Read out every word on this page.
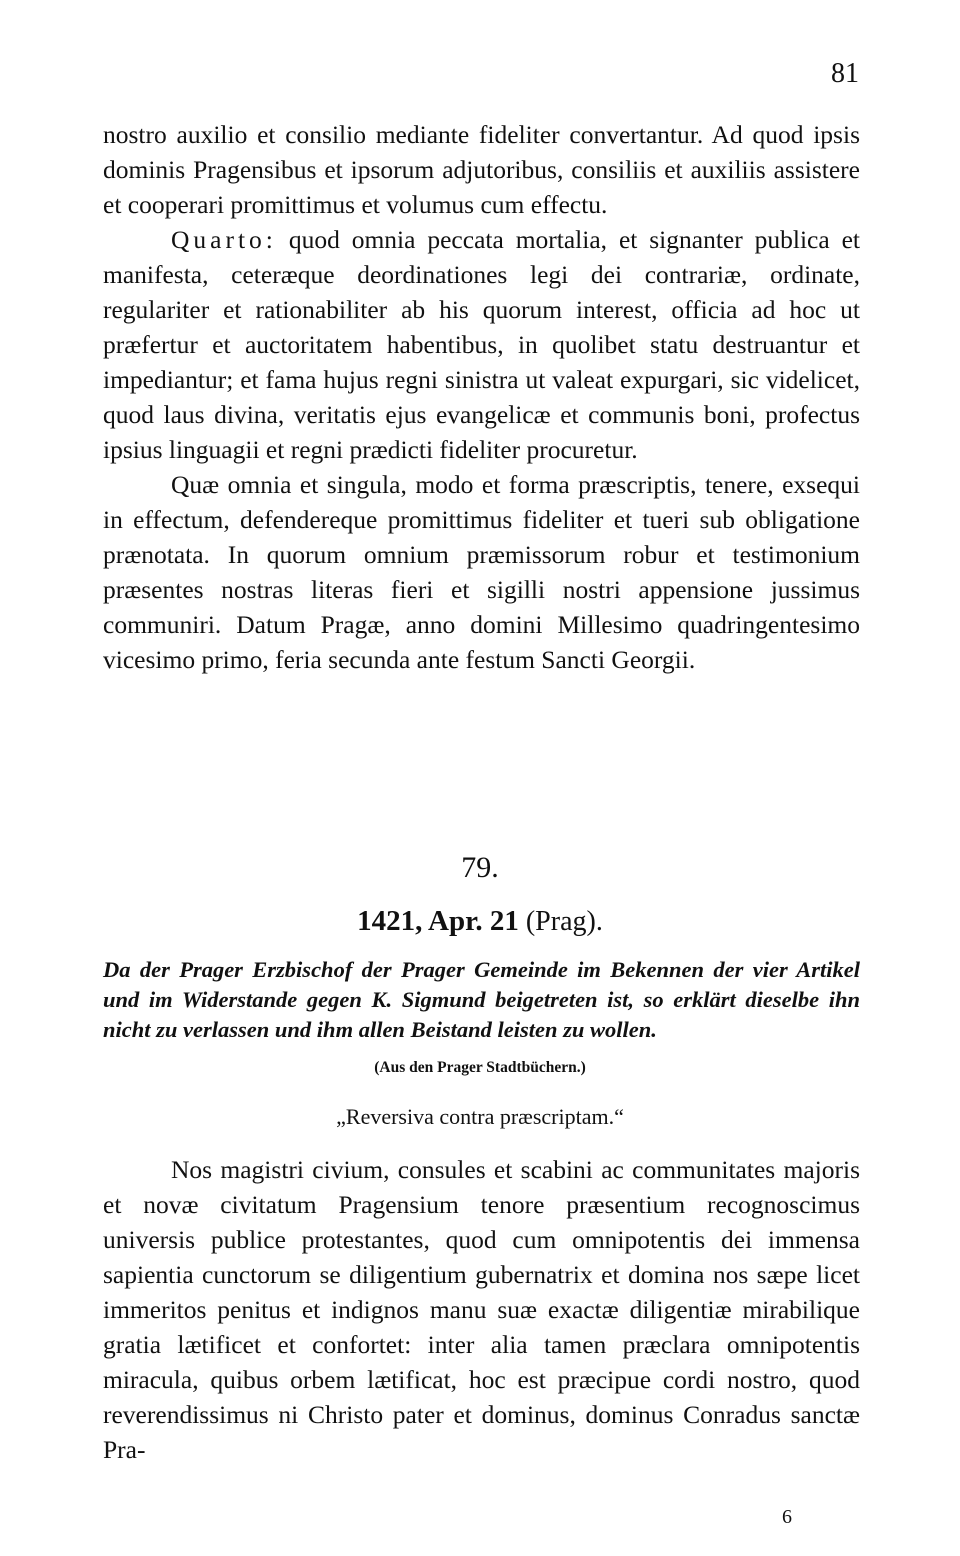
81

nostro auxilio et consilio mediante fideliter convertantur. Ad quod ipsis dominis Pragensibus et ipsorum adjutoribus, consiliis et auxiliis assistere et cooperari promittimus et volumus cum effectu.

Quarto: quod omnia peccata mortalia, et signanter publica et manifesta, ceteræque deordinationes legi dei contrariæ, ordinate, regulariter et rationabiliter ab his quorum interest, officia ad hoc ut præfertur et auctoritatem habentibus, in quolibet statu destruantur et impediantur; et fama hujus regni sinistra ut valeat expurgari, sic videlicet, quod laus divina, veritatis ejus evangelicæ et communis boni, profectus ipsius linguagii et regni prædicti fideliter procuretur.

Quæ omnia et singula, modo et forma præscriptis, tenere, exsequi in effectum, defendereque promittimus fideliter et tueri sub obligatione prænotata. In quorum omnium præmissorum robur et testimonium præsentes nostras literas fieri et sigilli nostri appensione jussimus communiri. Datum Pragæ, anno domini Millesimo quadringentesimo vicesimo primo, feria secunda ante festum Sancti Georgii.

79.
1421, Apr. 21 (Prag).
Da der Prager Erzbischof der Prager Gemeinde im Bekennen der vier Artikel und im Widerstande gegen K. Sigmund beigetreten ist, so erklärt dieselbe ihn nicht zu verlassen und ihm allen Beistand leisten zu wollen.
(Aus den Prager Stadtbüchern.)
„Reversiva contra præscriptam.“

Nos magistri civium, consules et scabini ac communitates majoris et novæ civitatum Pragensium tenore præsentium recognoscimus universis publice protestantes, quod cum omnipotentis dei immensa sapientia cunctorum se diligentium gubernatrix et domina nos sæpe licet immeritos penitus et indignos manu suæ exactæ diligentiæ mirabilique gratia lætificet et confortet: inter alia tamen præclara omnipotentis miracula, quibus orbem lætificat, hoc est præcipue cordi nostro, quod reverendissimus ni Christo pater et dominus, dominus Conradus sanctæ Pra-

6
